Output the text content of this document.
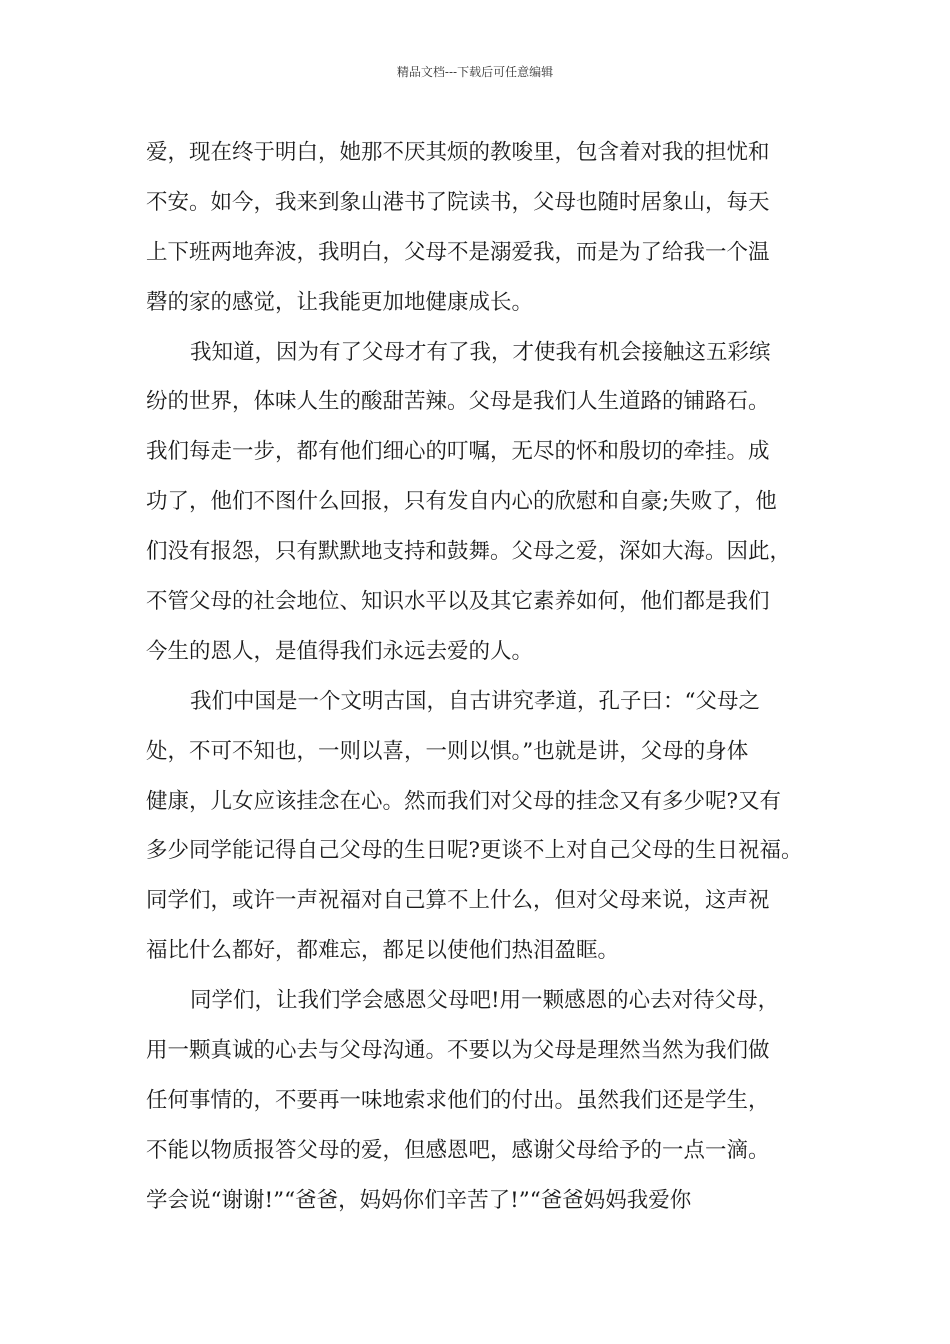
精品文档---下载后可任意编辑
爱，现在终于明白，她那不厌其烦的教唆里，包含着对我的担忧和
不安。如今，我来到象山港书了院读书，父母也随时居象山，每天
上下班两地奔波，我明白，父母不是溺爱我，而是为了给我一个温
磬的家的感觉，让我能更加地健康成长。
我知道，因为有了父母才有了我，才使我有机会接触这五彩缤
纷的世界，体味人生的酸甜苦辣。父母是我们人生道路的铺路石。
我们每走一步，都有他们细心的叮嘱，无尽的怀和殷切的牵挂。成
功了，他们不图什么回报，只有发自内心的欣慰和自豪;失败了，他
们没有报怨，只有默默地支持和鼓舞。父母之爱，深如大海。因此，
不管父母的社会地位、知识水平以及其它素养如何，他们都是我们
今生的恩人，是值得我们永远去爱的人。
我们中国是一个文明古国，自古讲究孝道，孔子曰：“父母之
处，不可不知也，一则以喜，一则以惧。”也就是讲，父母的身体
健康，儿女应该挂念在心。然而我们对父母的挂念又有多少呢?又有
多少同学能记得自己父母的生日呢?更谈不上对自己父母的生日祝福。
同学们，或许一声祝福对自己算不上什么，但对父母来说，这声祝
福比什么都好，都难忘，都足以使他们热泪盈眶。
同学们，让我们学会感恩父母吧!用一颗感恩的心去对待父母，
用一颗真诚的心去与父母沟通。不要以为父母是理然当然为我们做
任何事情的，不要再一味地索求他们的付出。虽然我们还是学生，
不能以物质报答父母的爱，但感恩吧，感谢父母给予的一点一滴。
学会说“谢谢!”“爸爸，妈妈你们辛苦了!”“爸爸妈妈我爱你
